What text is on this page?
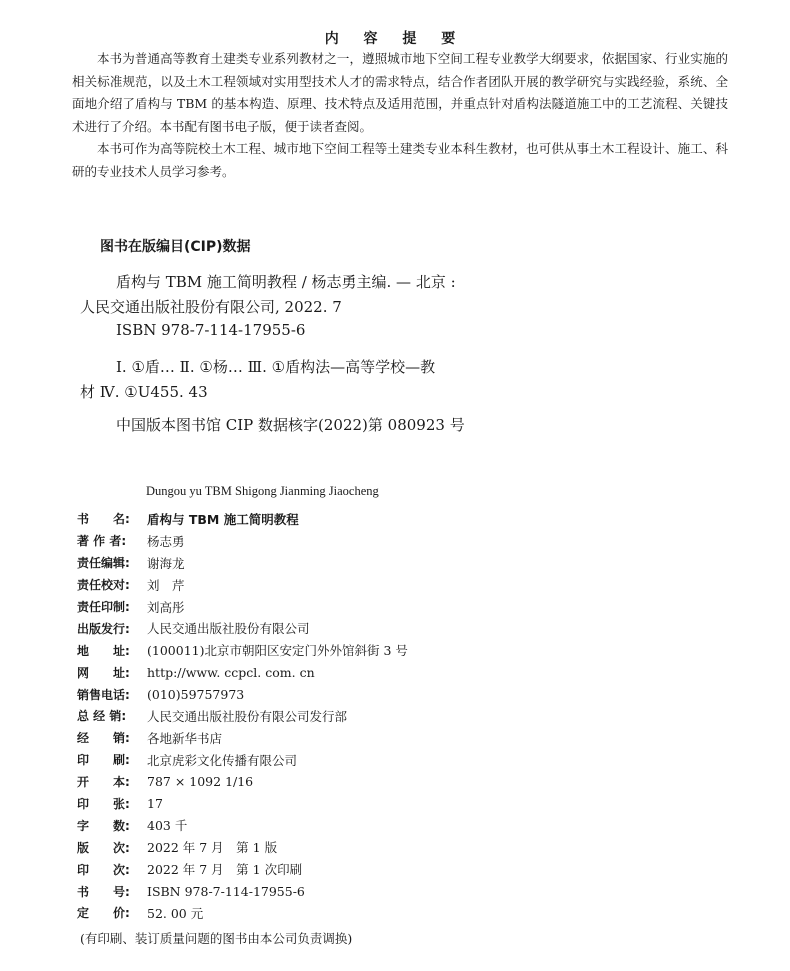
内 容 提 要

本书为普通高等教育土建类专业系列教材之一，遵照城市地下空间工程专业教学大纲要求，依据国家、行业实施的相关标准规范，以及土木工程领域对实用型技术人才的需求特点，结合作者团队开展的教学研究与实践经验，系统、全面地介绍了盾构与 TBM 的基本构造、原理、技术特点及适用范围，并重点针对盾构法隧道施工中的工艺流程、关键技术进行了介绍。本书配有图书电子版，便于读者查阅。

本书可作为高等院校土木工程、城市地下空间工程等土建类专业本科生教材，也可供从事土木工程设计、施工、科研的专业技术人员学习参考。

图书在版编目(CIP)数据
盾构与 TBM 施工简明教程 / 杨志勇主编. — 北京 :
人民交通出版社股份有限公司, 2022. 7
ISBN 978-7-114-17955-6
Ⅰ. ①盾… Ⅱ. ①杨… Ⅲ. ①盾构法—高等学校—教
材 Ⅳ. ①U455. 43
中国版本图书馆 CIP 数据核字(2022)第 080923 号
Dungou yu TBM Shigong Jianming Jiaocheng
书　　名:	盾构与 TBM 施工简明教程
著 作 者:	杨志勇
责任编辑:	谢海龙
责任校对:	刘　芹
责任印制:	刘高彤
出版发行:	人民交通出版社股份有限公司
地　　址:	(100011)北京市朝阳区安定门外外馆斜街 3 号
网　　址:	http://www. ccpcl. com. cn
销售电话:	(010)59757973
总 经 销:	人民交通出版社股份有限公司发行部
经　　销:	各地新华书店
印　　刷:	北京虎彩文化传播有限公司
开　　本:	787 × 1092 1/16
印　　张:	17
字　　数:	403 千
版　　次:	2022 年 7 月　第 1 版
印　　次:	2022 年 7 月　第 1 次印刷
书　　号:	ISBN 978-7-114-17955-6
定　　价:	52. 00 元
(有印刷、装订质量问题的图书由本公司负责调换)
